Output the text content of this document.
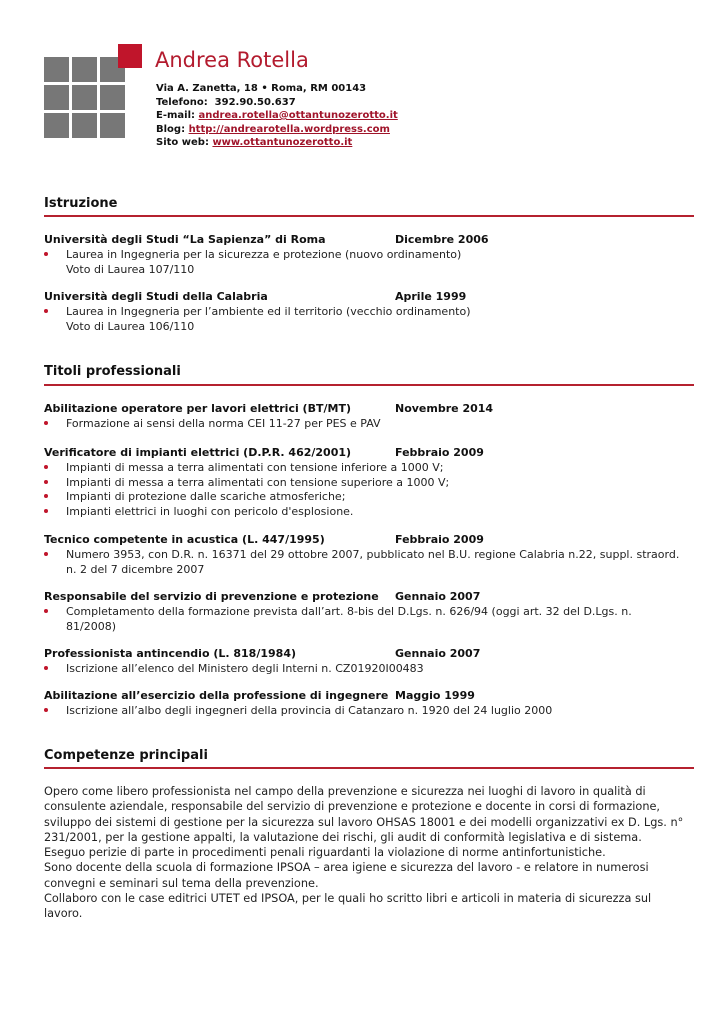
Andrea Rotella
Via A. Zanetta, 18 • Roma, RM 00143
Telefono: 392.90.50.637
E-mail: andrea.rotella@ottantunozerotto.it
Blog: http://andrearotella.wordpress.com
Sito web: www.ottantunozerotto.it
Istruzione
Università degli Studi “La Sapienza” di Roma	Dicembre 2006
Laurea in Ingegneria per la sicurezza e protezione (nuovo ordinamento)
Voto di Laurea 107/110
Università degli Studi della Calabria	Aprile 1999
Laurea in Ingegneria per l’ambiente ed il territorio (vecchio ordinamento)
Voto di Laurea 106/110
Titoli professionali
Abilitazione operatore per lavori elettrici (BT/MT)	Novembre 2014
Formazione ai sensi della norma CEI 11-27 per PES e PAV
Verificatore di impianti elettrici (D.P.R. 462/2001)	Febbraio 2009
Impianti di messa a terra alimentati con tensione inferiore a 1000 V;
Impianti di messa a terra alimentati con tensione superiore a 1000 V;
Impianti di protezione dalle scariche atmosferiche;
Impianti elettrici in luoghi con pericolo d'esplosione.
Tecnico competente in acustica (L. 447/1995)	Febbraio 2009
Numero 3953, con D.R. n. 16371 del 29 ottobre 2007, pubblicato nel B.U. regione Calabria n.22, suppl. straord. n. 2 del 7 dicembre 2007
Responsabile del servizio di prevenzione e protezione	Gennaio 2007
Completamento della formazione prevista dall’art. 8-bis del D.Lgs. n. 626/94 (oggi art. 32 del D.Lgs. n. 81/2008)
Professionista antincendio (L. 818/1984)	Gennaio 2007
Iscrizione all’elenco del Ministero degli Interni n. CZ01920I00483
Abilitazione all’esercizio della professione di ingegnere Maggio 1999
Iscrizione all’albo degli ingegneri della provincia di Catanzaro n. 1920 del 24 luglio 2000
Competenze principali

Opero come libero professionista nel campo della prevenzione e sicurezza nei luoghi di lavoro in qualità di consulente aziendale, responsabile del servizio di prevenzione e protezione e docente in corsi di formazione, sviluppo dei sistemi di gestione per la sicurezza sul lavoro OHSAS 18001 e dei modelli organizzativi ex D. Lgs. n° 231/2001, per la gestione appalti, la valutazione dei rischi, gli audit di conformità legislativa e di sistema.

Eseguo perizie di parte in procedimenti penali riguardanti la violazione di norme antinfortunistiche.

Sono docente della scuola di formazione IPSOA – area igiene e sicurezza del lavoro - e relatore in numerosi convegni e seminari sul tema della prevenzione.

Collaboro con le case editrici UTET ed IPSOA, per le quali ho scritto libri e articoli in materia di sicurezza sul lavoro.
